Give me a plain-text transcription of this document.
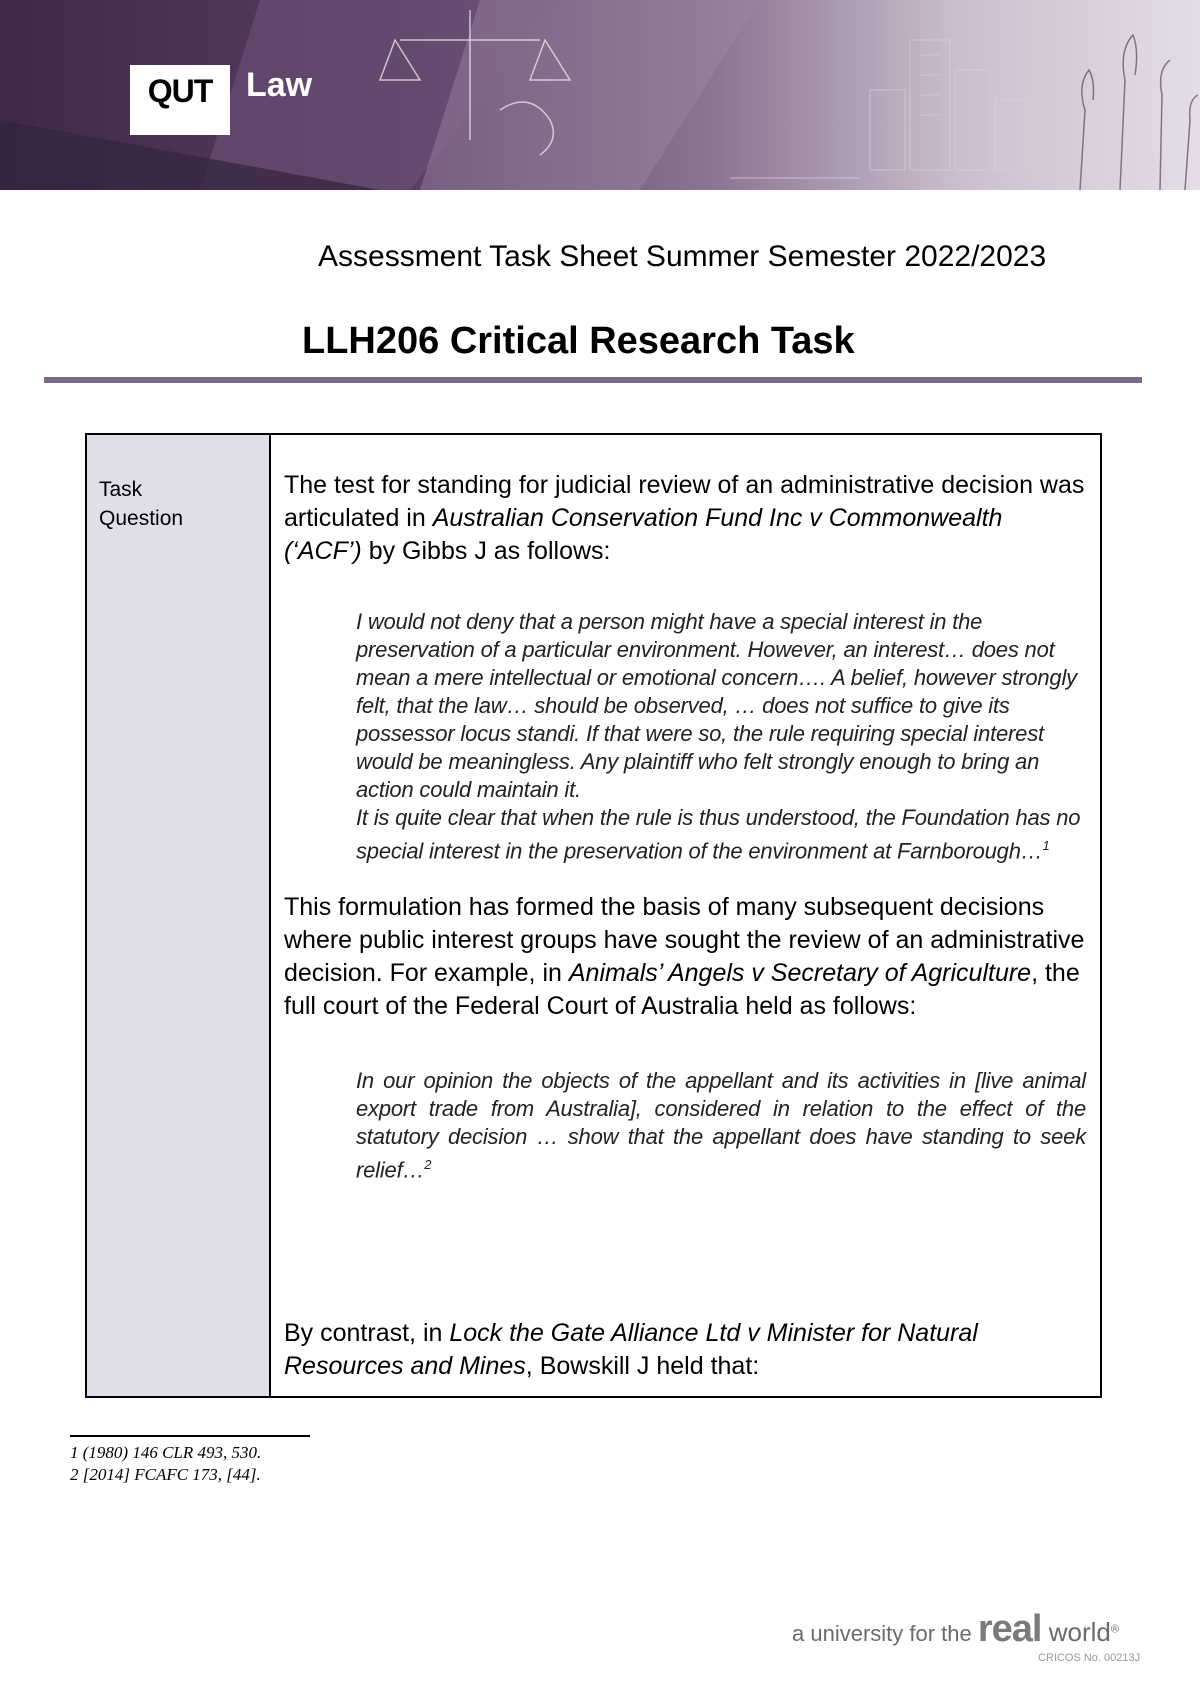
QUT Law
Assessment Task Sheet Summer Semester 2022/2023
LLH206 Critical Research Task
Task
Question

The test for standing for judicial review of an administrative decision was articulated in Australian Conservation Fund Inc v Commonwealth (‘ACF’) by Gibbs J as follows:

I would not deny that a person might have a special interest in the preservation of a particular environment. However, an interest… does not mean a mere intellectual or emotional concern…. A belief, however strongly felt, that the law… should be observed, … does not suffice to give its possessor locus standi. If that were so, the rule requiring special interest would be meaningless. Any plaintiff who felt strongly enough to bring an action could maintain it.
It is quite clear that when the rule is thus understood, the Foundation has no special interest in the preservation of the environment at Farnborough…$^1$

This formulation has formed the basis of many subsequent decisions where public interest groups have sought the review of an administrative decision. For example, in Animals’ Angels v Secretary of Agriculture, the full court of the Federal Court of Australia held as follows:

In our opinion the objects of the appellant and its activities in [live animal export trade from Australia], considered in relation to the effect of the statutory decision … show that the appellant does have standing to seek relief…$^2$

By contrast, in Lock the Gate Alliance Ltd v Minister for Natural Resources and Mines, Bowskill J held that:

1 (1980) 146 CLR 493, 530.
2 [2014] FCAFC 173, [44].
a university for the real world®
CRICOS No. 00213J
